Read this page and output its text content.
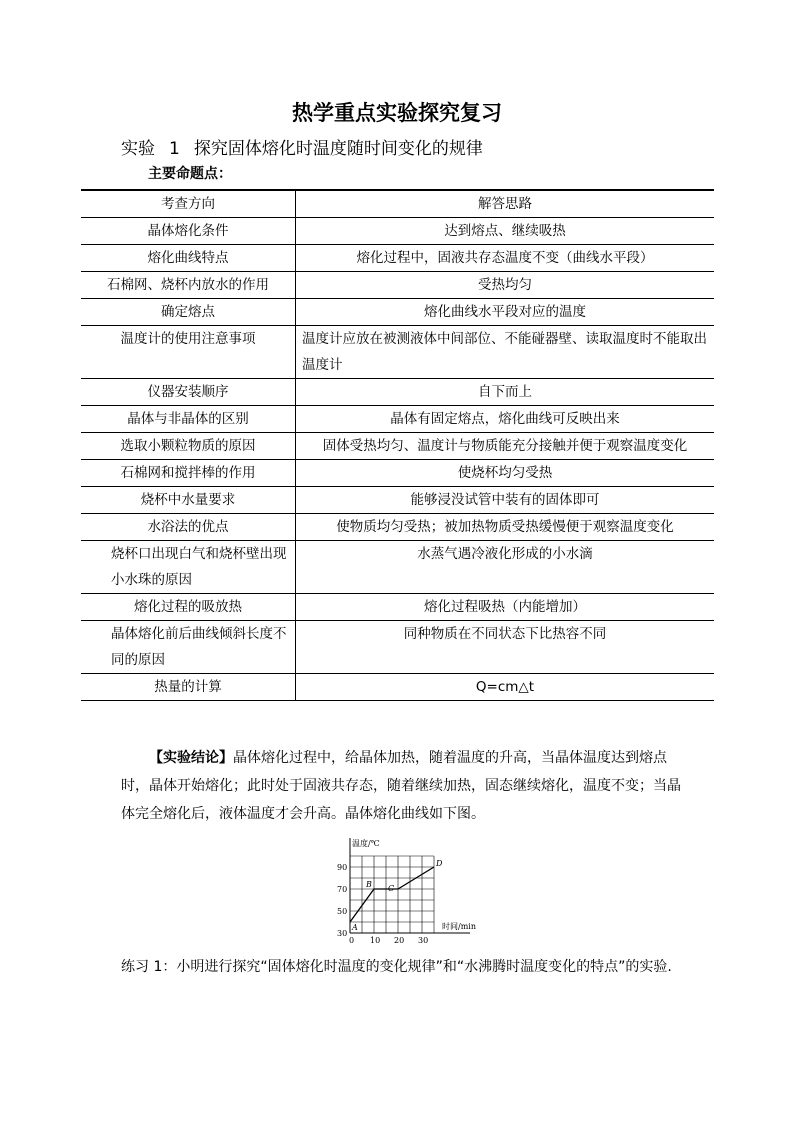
热学重点实验探究复习
实验 1 探究固体熔化时温度随时间变化的规律
主要命题点：
考查方向	解答思路
晶体熔化条件	达到熔点、继续吸热
熔化曲线特点	熔化过程中，固液共存态温度不变（曲线水平段）
石棉网、烧杯内放水的作用	受热均匀
确定熔点	熔化曲线水平段对应的温度
温度计的使用注意事项	温度计应放在被测液体中间部位、不能碰器壁、读取温度时不能取出温度计
仪器安装顺序	自下而上
晶体与非晶体的区别	晶体有固定熔点，熔化曲线可反映出来
选取小颗粒物质的原因	固体受热均匀、温度计与物质能充分接触并便于观察温度变化
石棉网和搅拌棒的作用	使烧杯均匀受热
烧杯中水量要求	能够浸没试管中装有的固体即可
水浴法的优点	使物质均匀受热；被加热物质受热缓慢便于观察温度变化
烧杯口出现白气和烧杯壁出现小水珠的原因	水蒸气遇冷液化形成的小水滴
熔化过程的吸放热	熔化过程吸热（内能增加）
晶体熔化前后曲线倾斜长度不同的原因	同种物质在不同状态下比热容不同
热量的计算	Q=cm△t
【实验结论】晶体熔化过程中，给晶体加热，随着温度的升高，当晶体温度达到熔点时，晶体开始熔化；此时处于固液共存态，随着继续加热，固态继续熔化，温度不变；当晶体完全熔化后，液体温度才会升高。晶体熔化曲线如下图。
温度/℃
时间/min
0 10 20 30
30
50
70
90
A
B C
D
练习 1：小明进行探究“固体熔化时温度的变化规律”和“水沸腾时温度变化的特点”的实验.
